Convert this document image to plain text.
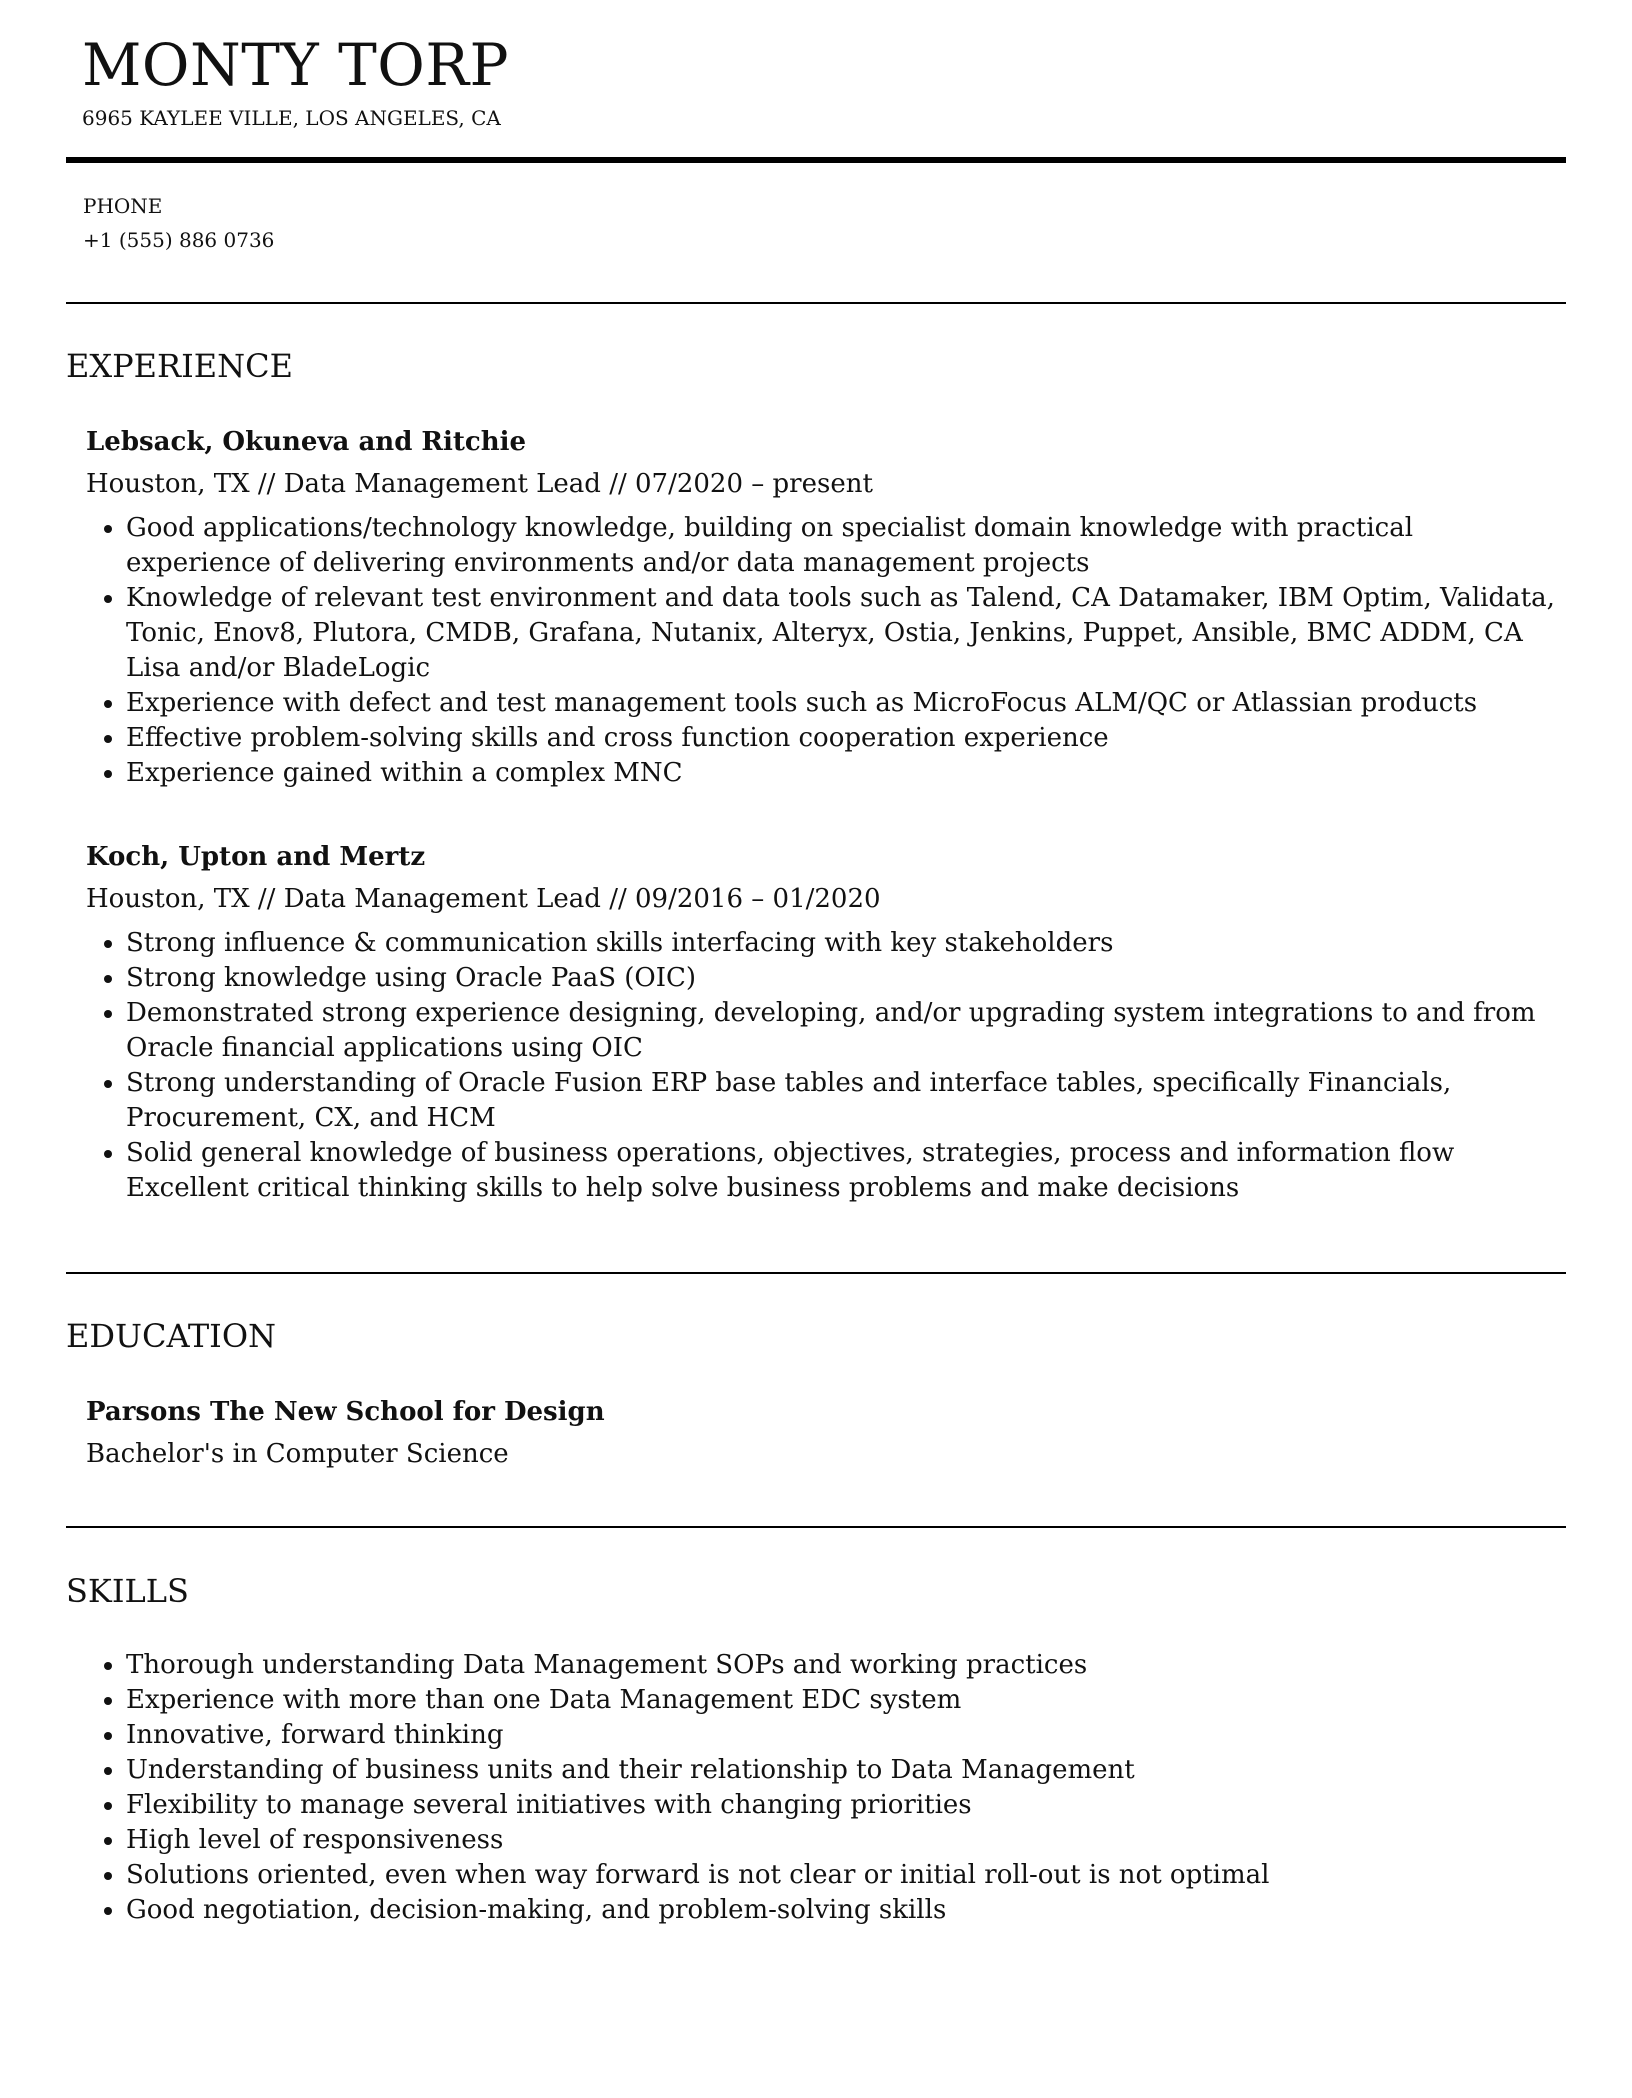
MONTY TORP
6965 KAYLEE VILLE, LOS ANGELES, CA
PHONE
+1 (555) 886 0736
EXPERIENCE
Lebsack, Okuneva and Ritchie
Houston, TX // Data Management Lead // 07/2020 – present
Good applications/technology knowledge, building on specialist domain knowledge with practical experience of delivering environments and/or data management projects
Knowledge of relevant test environment and data tools such as Talend, CA Datamaker, IBM Optim, Validata, Tonic, Enov8, Plutora, CMDB, Grafana, Nutanix, Alteryx, Ostia, Jenkins, Puppet, Ansible, BMC ADDM, CA Lisa and/or BladeLogic
Experience with defect and test management tools such as MicroFocus ALM/QC or Atlassian products
Effective problem-solving skills and cross function cooperation experience
Experience gained within a complex MNC
Koch, Upton and Mertz
Houston, TX // Data Management Lead // 09/2016 – 01/2020
Strong influence & communication skills interfacing with key stakeholders
Strong knowledge using Oracle PaaS (OIC)
Demonstrated strong experience designing, developing, and/or upgrading system integrations to and from Oracle financial applications using OIC
Strong understanding of Oracle Fusion ERP base tables and interface tables, specifically Financials, Procurement, CX, and HCM
Solid general knowledge of business operations, objectives, strategies, process and information flow Excellent critical thinking skills to help solve business problems and make decisions
EDUCATION
Parsons The New School for Design
Bachelor's in Computer Science
SKILLS
Thorough understanding Data Management SOPs and working practices
Experience with more than one Data Management EDC system
Innovative, forward thinking
Understanding of business units and their relationship to Data Management
Flexibility to manage several initiatives with changing priorities
High level of responsiveness
Solutions oriented, even when way forward is not clear or initial roll-out is not optimal
Good negotiation, decision-making, and problem-solving skills
